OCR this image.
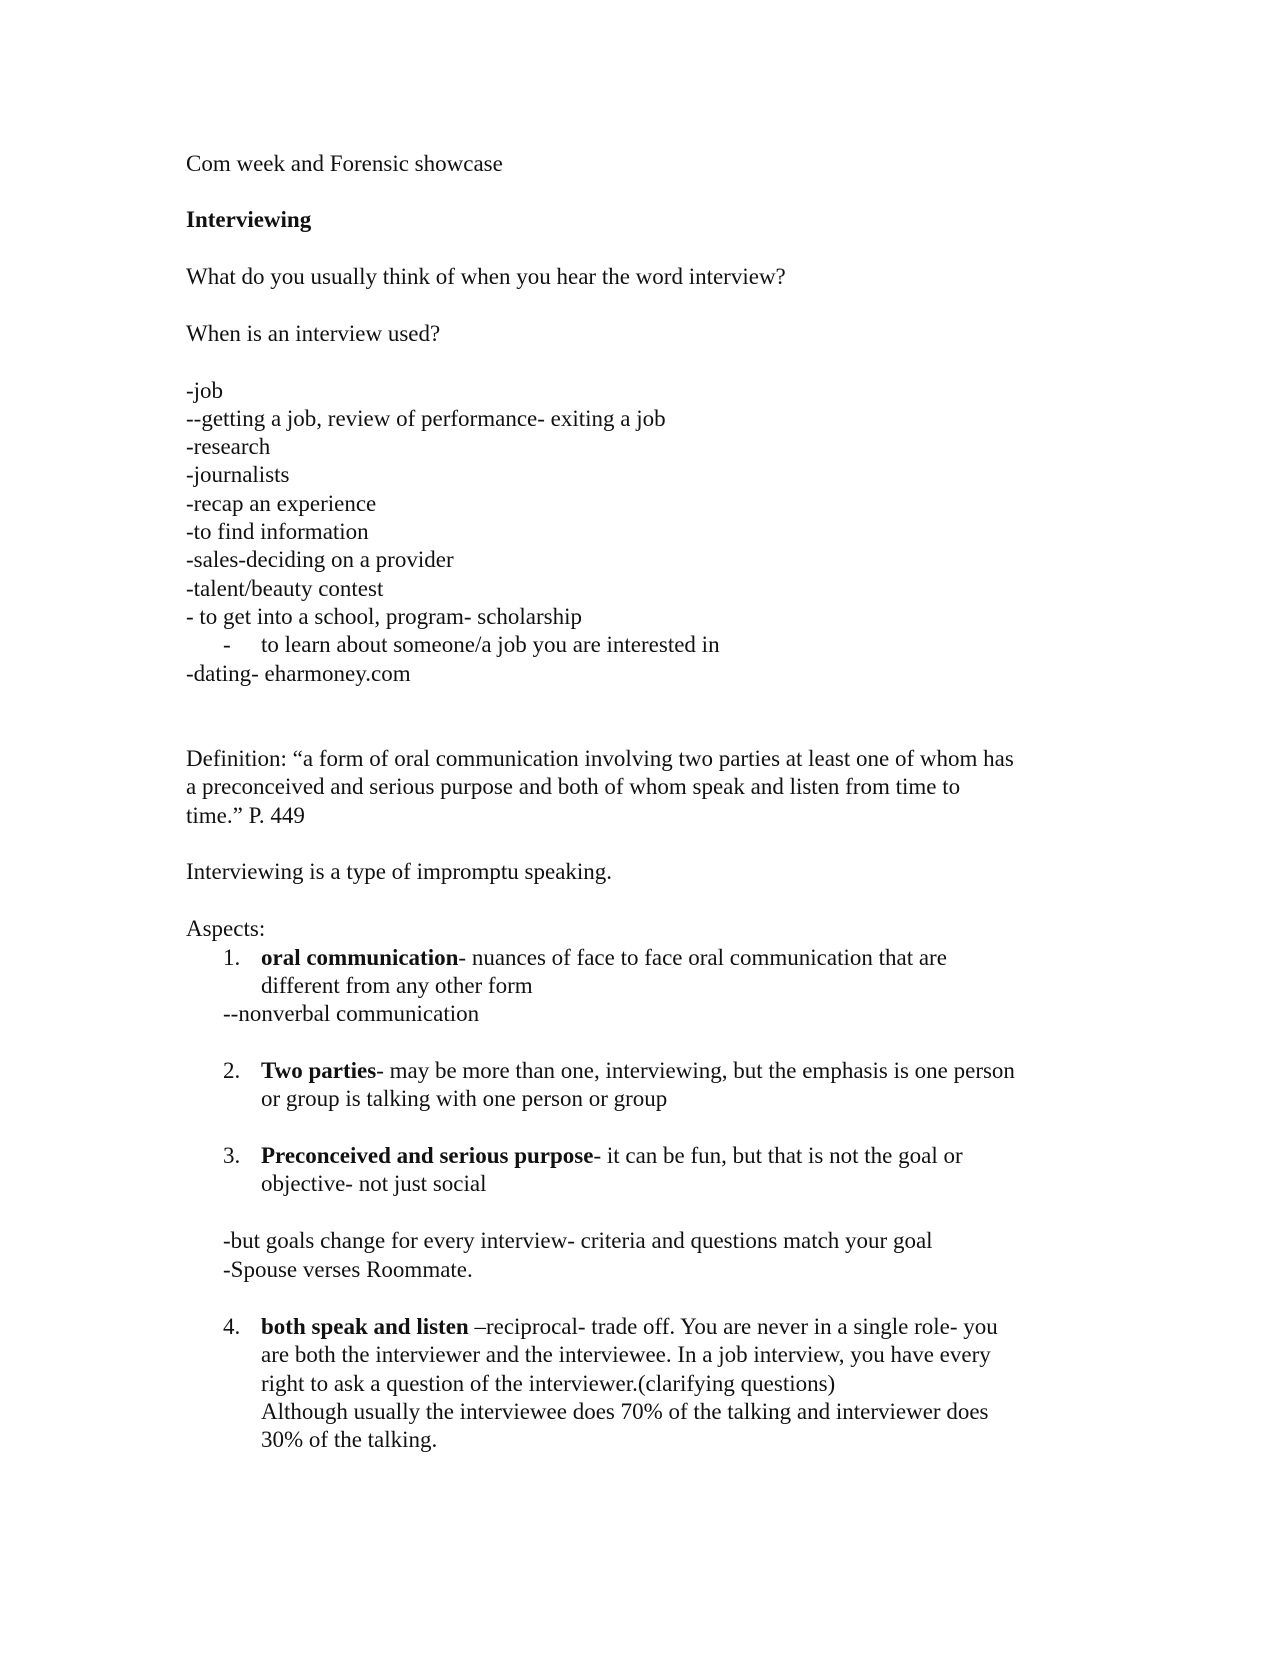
Com week and Forensic showcase
Interviewing
What do you usually think of when you hear the word interview?
When is an interview used?
-job
--getting a job, review of performance- exiting a job
-research
-journalists
-recap an experience
-to find information
-sales-deciding on a provider
-talent/beauty contest
- to get into a school, program- scholarship
- to learn about someone/a job you are interested in
-dating- eharmoney.com
Definition: “a form of oral communication involving two parties at least one of whom has
a preconceived and serious purpose and both of whom speak and listen from time to
time.” P. 449
Interviewing is a type of impromptu speaking.
Aspects:
1. oral communication- nuances of face to face oral communication that are
different from any other form
--nonverbal communication
2. Two parties- may be more than one, interviewing, but the emphasis is one person
or group is talking with one person or group
3. Preconceived and serious purpose- it can be fun, but that is not the goal or
objective- not just social
-but goals change for every interview- criteria and questions match your goal
-Spouse verses Roommate.
4. both speak and listen –reciprocal- trade off. You are never in a single role- you
are both the interviewer and the interviewee. In a job interview, you have every
right to ask a question of the interviewer.(clarifying questions)
Although usually the interviewee does 70% of the talking and interviewer does
30% of the talking.
